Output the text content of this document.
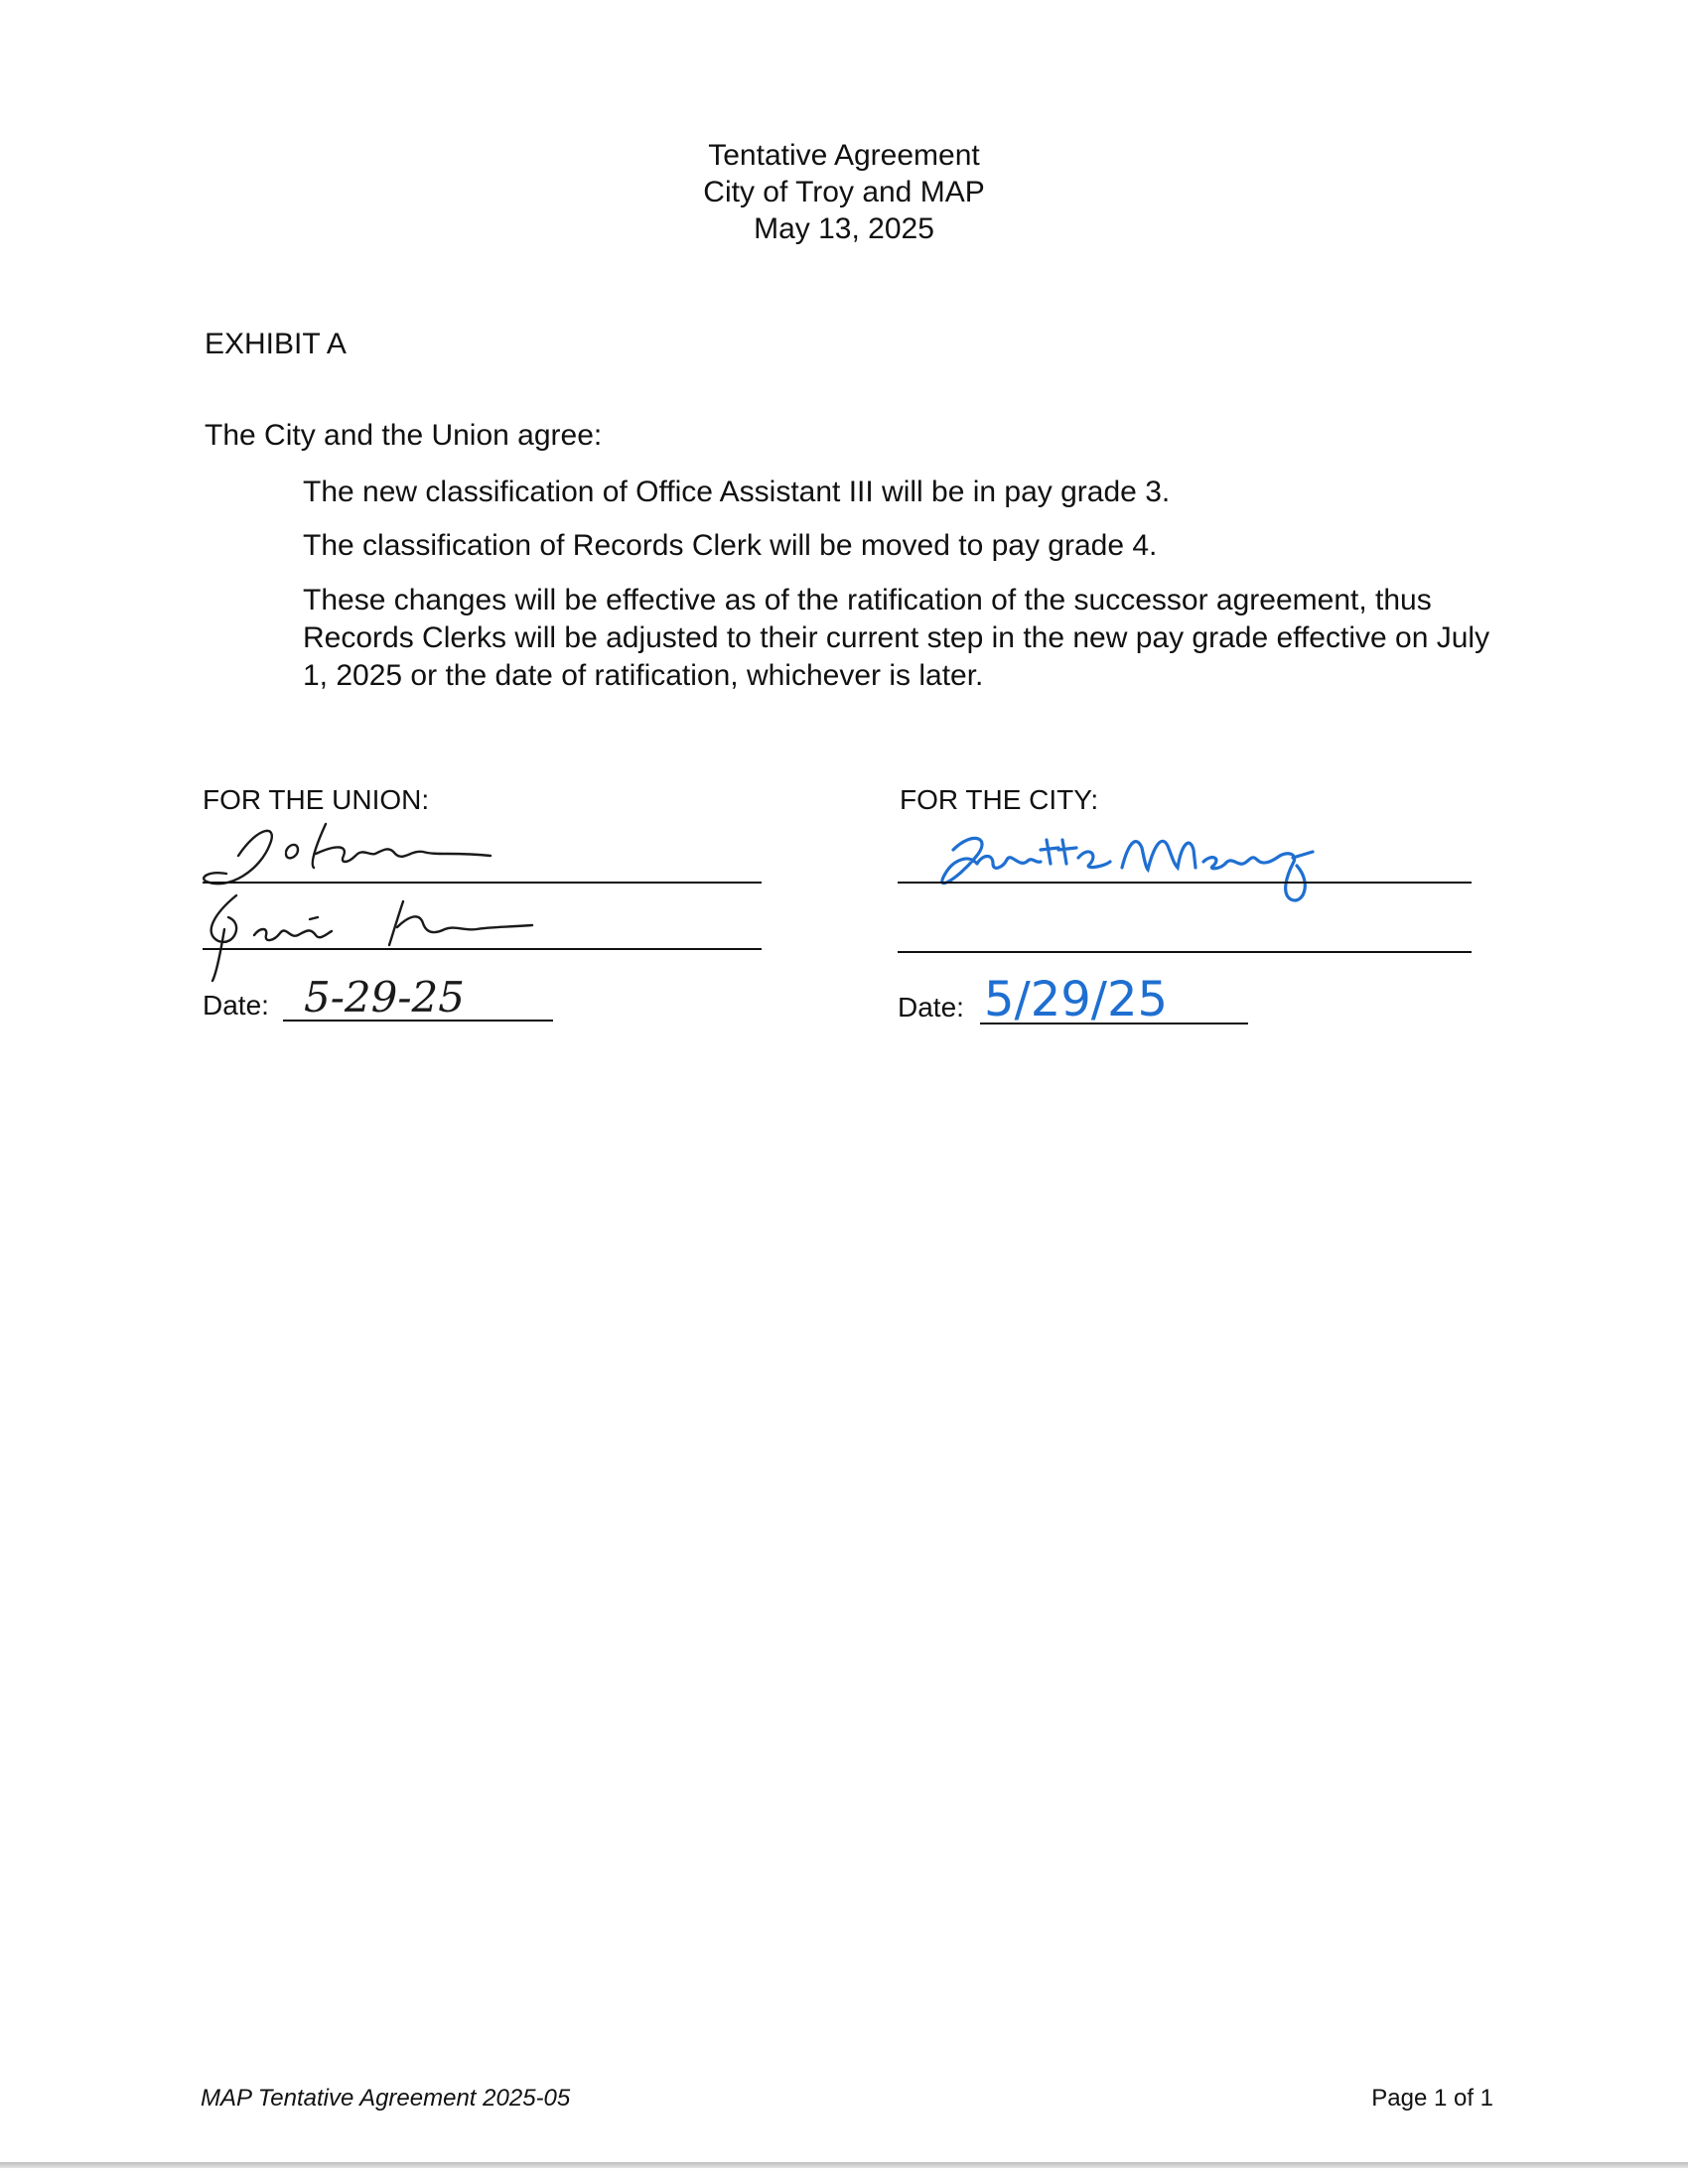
Tentative Agreement
City of Troy and MAP
May 13, 2025
EXHIBIT A
The City and the Union agree:
The new classification of Office Assistant III will be in pay grade 3.
The classification of Records Clerk will be moved to pay grade 4.
These changes will be effective as of the ratification of the successor agreement, thus Records Clerks will be adjusted to their current step in the new pay grade effective on July 1, 2025 or the date of ratification, whichever is later.
FOR THE UNION:
Date: 5-29-25
FOR THE CITY:
Date: 5/29/25
MAP Tentative Agreement 2025-05	Page 1 of 1
